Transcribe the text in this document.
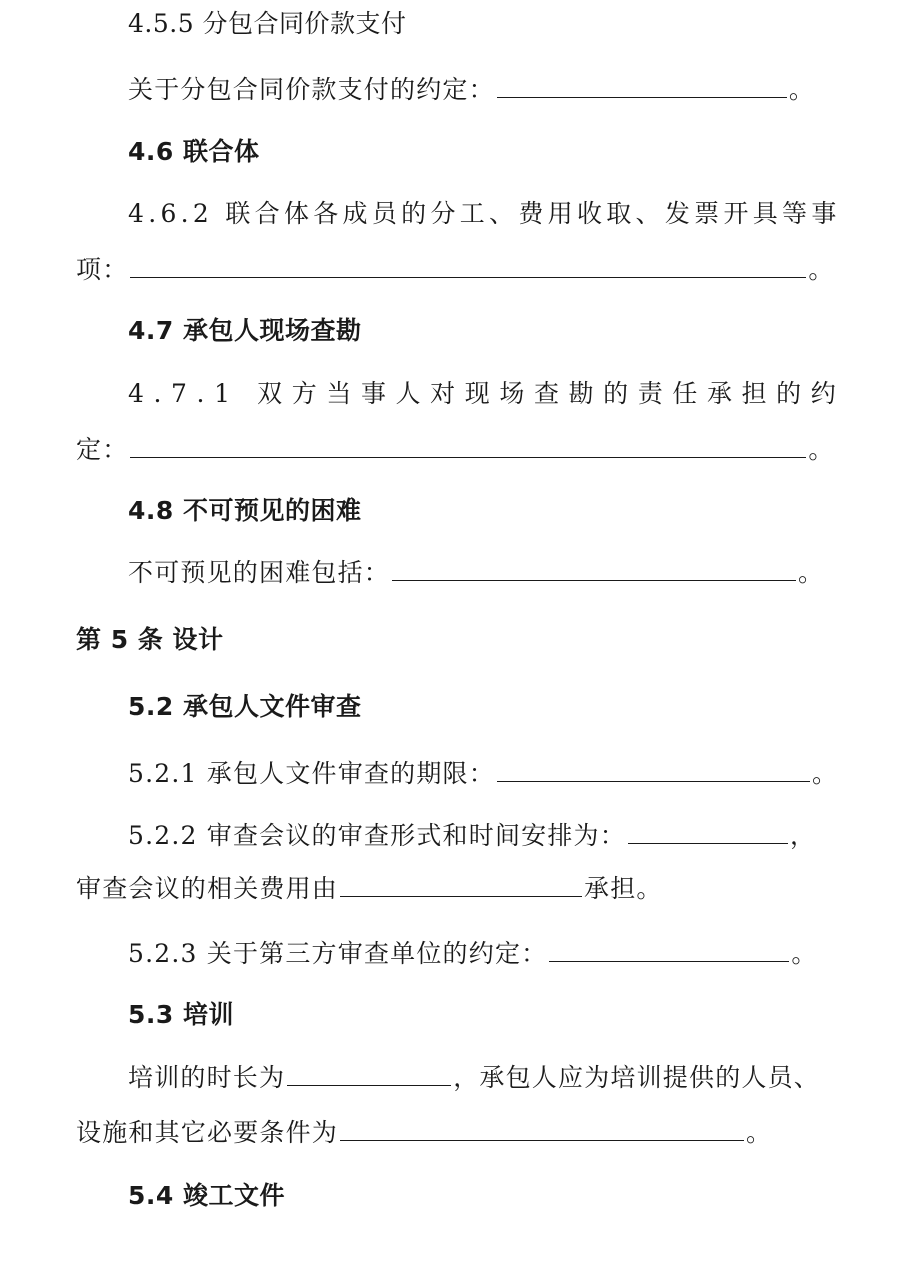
4.5.5 分包合同价款支付
关于分包合同价款支付的约定：	。
4.6 联合体
4.6.2 联合体各成员的分工、费用收取、发票开具等事
项：	。
4.7 承包人现场查勘
4.7.1 双方当事人对现场查勘的责任承担的约
定：	。
4.8 不可预见的困难
不可预见的困难包括：	。
第 5 条 设计
5.2 承包人文件审查
5.2.1 承包人文件审查的期限：	。
5.2.2 审查会议的审查形式和时间安排为：	，
审查会议的相关费用由	承担。
5.2.3 关于第三方审查单位的约定：	。
5.3 培训
培训的时长为	，承包人应为培训提供的人员、
设施和其它必要条件为	。
5.4 竣工文件
